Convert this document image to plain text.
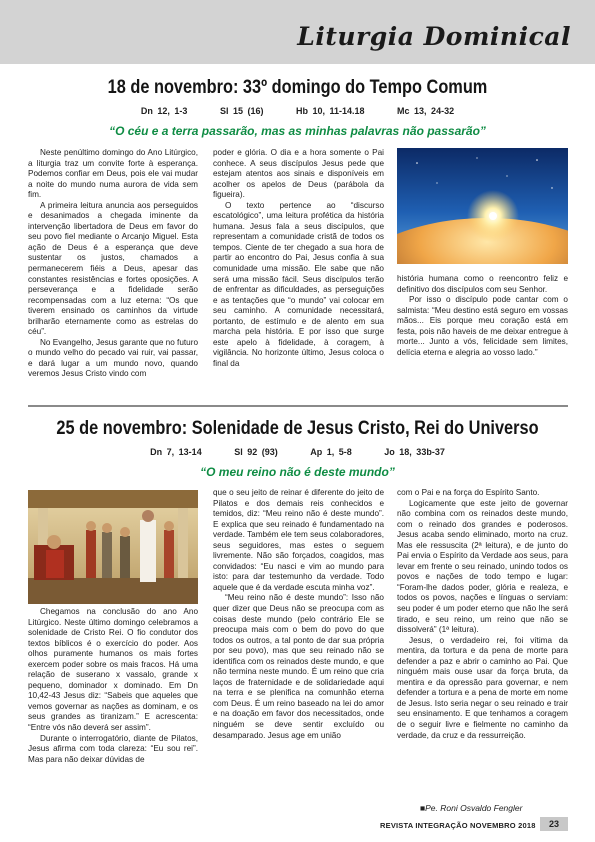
Liturgia Dominical
18 de novembro: 33º domingo do Tempo Comum
Dn 12, 1-3	Sl 15 (16)	Hb 10, 11-14.18	Mc 13, 24-32
“O céu e a terra passarão, mas as minhas palavras não passarão”

Neste penúltimo domingo do Ano Litúrgico, a liturgia traz um convite forte à esperança. Podemos confiar em Deus, pois ele vai mudar a noite do mundo numa aurora de vida sem fim.

A primeira leitura anuncia aos perseguidos e desanimados a chegada iminente da intervenção libertadora de Deus em favor do seu povo fiel mediante o Arcanjo Miguel. Esta ação de Deus é a esperança que deve sustentar os justos, chamados a permanecerem fiéis a Deus, apesar das constantes resistências e fortes oposições. A perseverança e a fidelidade serão recompensadas com a luz eterna: “Os que tiverem ensinado os caminhos da virtude brilharão eternamente como as estrelas do céu”.

No Evangelho, Jesus garante que no futuro o mundo velho do pecado vai ruir, vai passar, e dará lugar a um mundo novo, quando veremos Jesus Cristo vindo com

poder e glória. O dia e a hora somente o Pai conhece. A seus discípulos Jesus pede que estejam atentos aos sinais e disponíveis em acolher os apelos de Deus (parábola da figueira).

O texto pertence ao “discurso escatológico”, uma leitura profética da história humana. Jesus fala a seus discípulos, que representam a comunidade cristã de todos os tempos. Ciente de ter chegado a sua hora de partir ao encontro do Pai, Jesus confia à sua comunidade uma missão. Ele sabe que não será uma missão fácil. Seus discípulos terão de enfrentar as dificuldades, as perseguições e as tentações que “o mundo” vai colocar em seu caminho. A comunidade necessitará, portanto, de estímulo e de alento em sua marcha pela história. E por isso que surge este apelo à fidelidade, à coragem, à vigilância. No horizonte último, Jesus coloca o final da

história humana como o reencontro feliz e definitivo dos discípulos com seu Senhor.

Por isso o discípulo pode cantar com o salmista: “Meu destino está seguro em vossas mãos... Eis porque meu coração está em festa, pois não haveis de me deixar entregue à morte... Junto a vós, felicidade sem limites, delícia eterna e alegria ao vosso lado.”

25 de novembro: Solenidade de Jesus Cristo, Rei do Universo
Dn 7, 13-14	Sl 92 (93)	Ap 1, 5-8	Jo 18, 33b-37
“O meu reino não é deste mundo”

Chegamos na conclusão do ano Ano Litúrgico. Neste último domingo celebramos a solenidade de Cristo Rei. O fio condutor dos textos bíblicos é o exercício do poder. Aos olhos puramente humanos os mais fortes exercem poder sobre os mais fracos. Há uma relação de suserano x vassalo, grande x pequeno, dominador x dominado. Em Dn 10,42-43 Jesus diz: “Sabeis que aqueles que vemos governar as nações as dominam, e os seus grandes as tiranizam.” E acrescenta: “Entre vós não deverá ser assim”.

Durante o interrogatório, diante de Pilatos, Jesus afirma com toda clareza: “Eu sou rei”. Mas para não deixar dúvidas de

que o seu jeito de reinar é diferente do jeito de Pilatos e dos demais reis conhecidos e temidos, diz: “Meu reino não é deste mundo”. E explica que seu reinado é fundamentado na verdade. Também ele tem seus colaboradores, seus seguidores, mas estes o seguem livremente. Não são forçados, coagidos, mas convidados: “Eu nasci e vim ao mundo para isto: para dar testemunho da verdade. Todo aquele que é da verdade escuta minha voz”.

“Meu reino não é deste mundo”: Isso não quer dizer que Deus não se preocupa com as coisas deste mundo (pelo contrário Ele se preocupa mais com o bem do povo do que todos os outros, a tal ponto de dar sua própria por seu povo), mas que seu reinado não se identifica com os reinados deste mundo, e que não termina neste mundo. É um reino que cria laços de fraternidade e de solidariedade aqui na terra e se plenifica na comunhão eterna com Deus. É um reino baseado na lei do amor e na doação em favor dos necessitados, onde ninguém se deve sentir excluído ou desamparado. Jesus age em união

com o Pai e na força do Espírito Santo.

Logicamente que este jeito de governar não combina com os reinados deste mundo, com o reinado dos grandes e poderosos. Jesus acaba sendo eliminado, morto na cruz. Mas ele ressuscita (2ª leitura), e de junto do Pai envia o Espírito da Verdade aos seus, para levar em frente o seu reinado, unindo todos os povos e nações de todo tempo e lugar: “Foram-lhe dados poder, glória e realeza, e todos os povos, nações e línguas o serviam: seu poder é um poder eterno que não lhe será tirado, e seu reino, um reino que não se dissolverá” (1ª leitura).

Jesus, o verdadeiro rei, foi vítima da mentira, da tortura e da pena de morte para defender a paz e abrir o caminho ao Pai. Que ninguém mais ouse usar da força bruta, da mentira e da opressão para governar, e nem defender a tortura e a pena de morte em nome de Jesus. Isto seria negar o seu reinado e trair seu ensinamento. E que tenhamos a coragem de o seguir livre e fielmente no caminho da verdade, da cruz e da ressurreição.

■Pe. Roni Osvaldo Fengler
REVISTA INTEGRAÇÃO NOVEMBRO 2018	23
